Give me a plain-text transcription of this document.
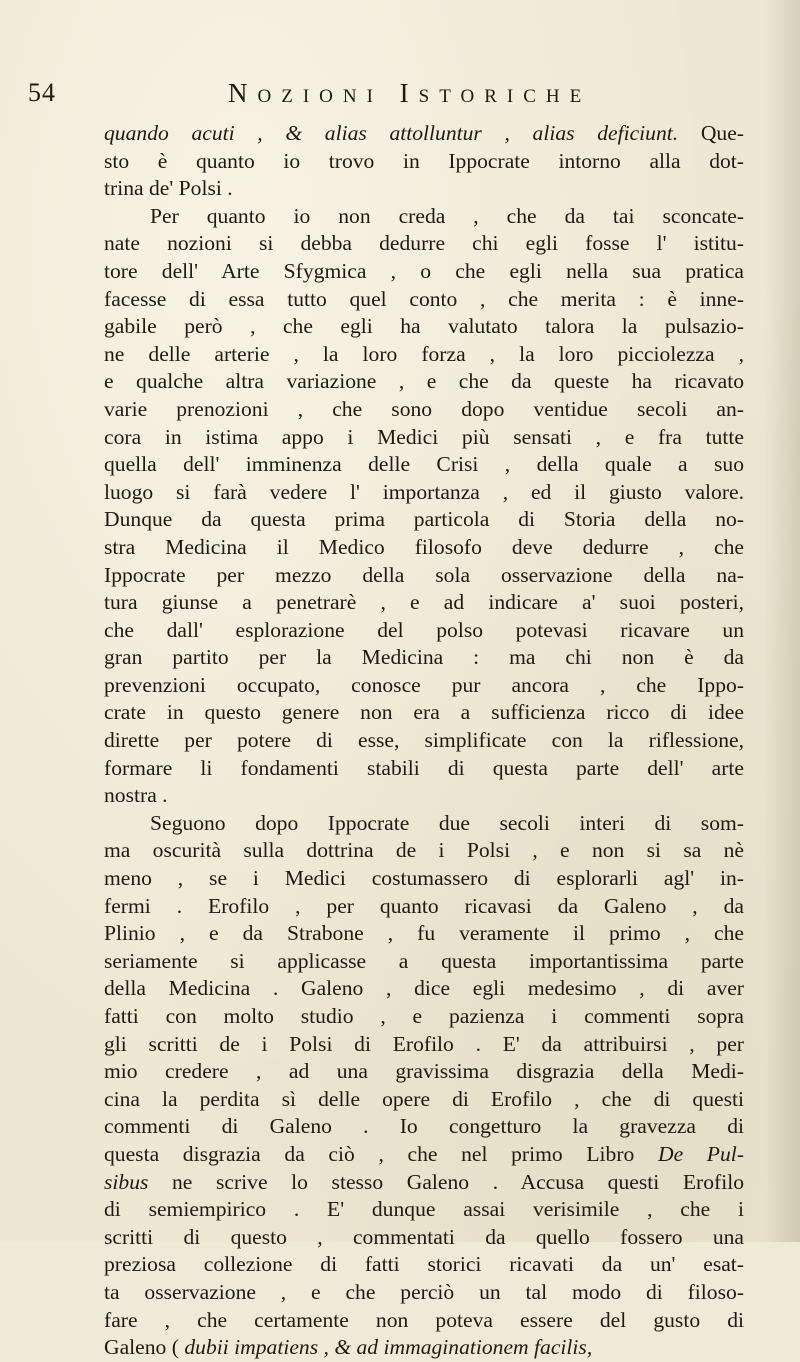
54	Nozioni Istoriche
quando acuti , & alias attolluntur , alias deficiunt. Que-
sto è quanto io trovo in Ippocrate intorno alla dot-
trina de' Polsi .
Per quanto io non creda , che da tai sconcate-
nate nozioni si debba dedurre chi egli fosse l' istitu-
tore dell' Arte Sfygmica , o che egli nella sua pratica
facesse di essa tutto quel conto , che merita : è inne-
gabile però , che egli ha valutato talora la pulsazio-
ne delle arterie , la loro forza , la loro picciolezza ,
e qualche altra variazione , e che da queste ha ricavato
varie prenozioni , che sono dopo ventidue secoli an-
cora in istima appo i Medici più sensati , e fra tutte
quella dell' imminenza delle Crisi , della quale a suo
luogo si farà vedere l' importanza , ed il giusto valore.
Dunque da questa prima particola di Storia della no-
stra Medicina il Medico filosofo deve dedurre , che
Ippocrate per mezzo della sola osservazione della na-
tura giunse a penetrarè , e ad indicare a' suoi posteri,
che dall' esplorazione del polso potevasi ricavare un
gran partito per la Medicina : ma chi non è da
prevenzioni occupato, conosce pur ancora , che Ippo-
crate in questo genere non era a sufficienza ricco di idee
dirette per potere di esse, simplificate con la riflessione,
formare li fondamenti stabili di questa parte dell' arte
nostra .
Seguono dopo Ippocrate due secoli interi di som-
ma oscurità sulla dottrina de i Polsi , e non si sa nè
meno , se i Medici costumassero di esplorarli agl' in-
fermi . Erofilo , per quanto ricavasi da Galeno , da
Plinio , e da Strabone , fu veramente il primo , che
seriamente si applicasse a questa importantissima parte
della Medicina . Galeno , dice egli medesimo , di aver
fatti con molto studio , e pazienza i commenti sopra
gli scritti de i Polsi di Erofilo . E' da attribuirsi , per
mio credere , ad una gravissima disgrazia della Medi-
cina la perdita sì delle opere di Erofilo , che di questi
commenti di Galeno . Io congetturo la gravezza di
questa disgrazia da ciò , che nel primo Libro De Pul-
sibus ne scrive lo stesso Galeno . Accusa questi Erofilo
di semiempirico . E' dunque assai verisimile , che i
scritti di questo , commentati da quello fossero una
preziosa collezione di fatti storici ricavati da un' esat-
ta osservazione , e che perciò un tal modo di filoso-
fare , che certamente non poteva essere del gusto di
Galeno ( dubii impatiens , & ad immaginationem facilis,
